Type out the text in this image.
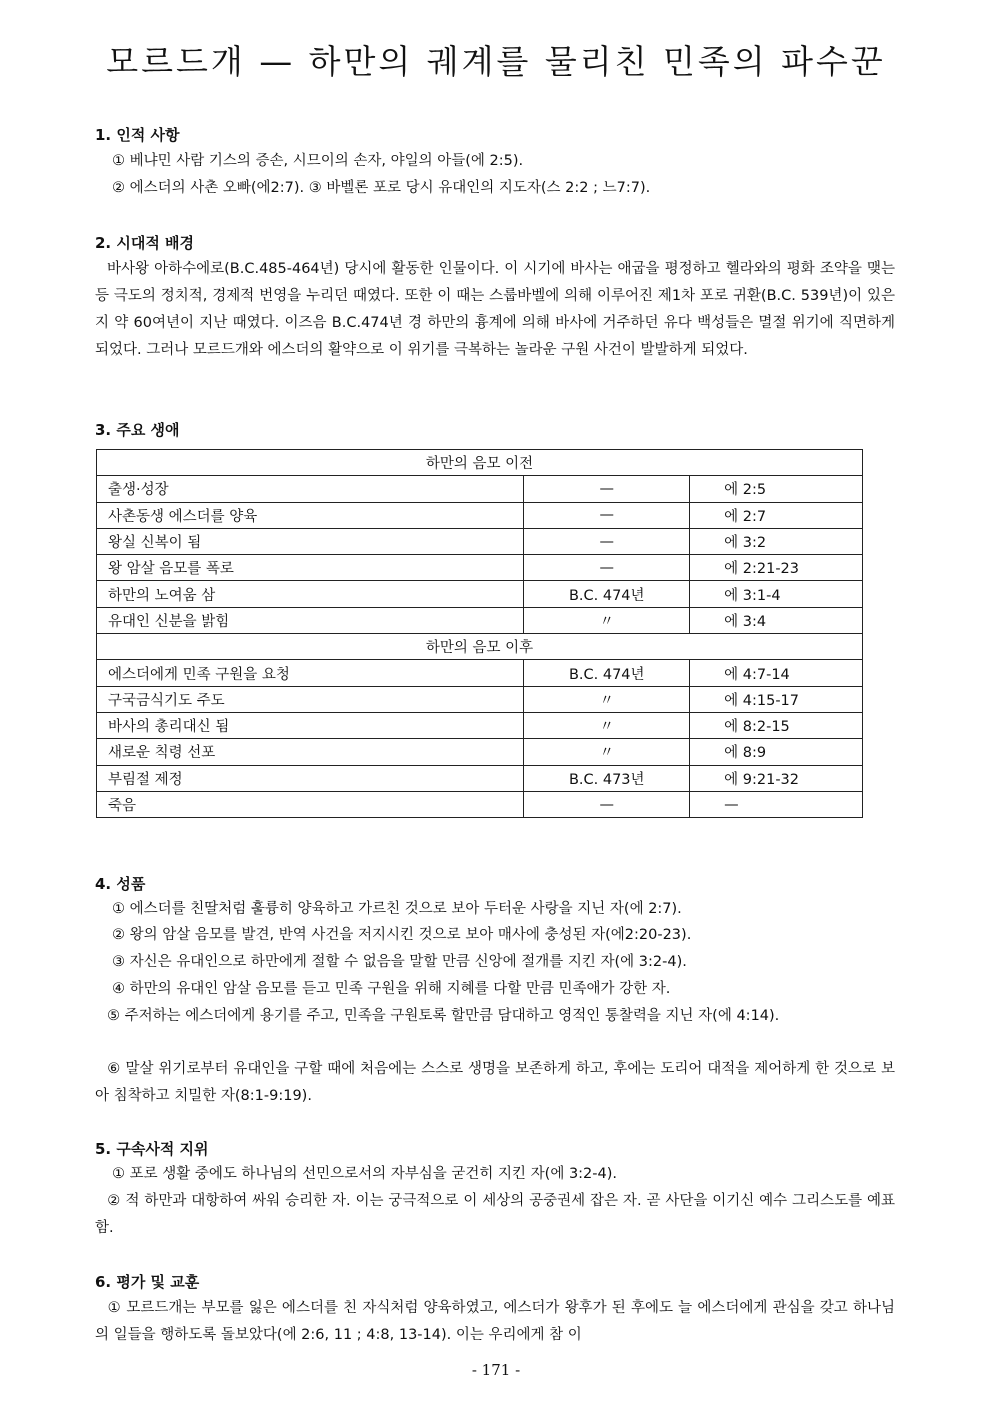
모르드개 — 하만의 궤계를 물리친 민족의 파수꾼
1. 인적 사항
① 베냐민 사람 기스의 증손, 시므이의 손자, 야일의 아들(에 2:5).
② 에스더의 사촌 오빠(에2:7). ③ 바벨론 포로 당시 유대인의 지도자(스 2:2 ; 느7:7).
2. 시대적 배경
바사왕 아하수에로(B.C.485-464년) 당시에 활동한 인물이다. 이 시기에 바사는 애굽을 평정하고 헬라와의 평화 조약을 맺는 등 극도의 정치적, 경제적 번영을 누리던 때였다. 또한 이 때는 스룹바벨에 의해 이루어진 제1차 포로 귀환(B.C. 539년)이 있은 지 약 60여년이 지난 때였다. 이즈음 B.C.474년 경 하만의 흉계에 의해 바사에 거주하던 유다 백성들은 멸절 위기에 직면하게 되었다. 그러나 모르드개와 에스더의 활약으로 이 위기를 극복하는 놀라운 구원 사건이 발발하게 되었다.
3. 주요 생애
하만의 음모 이전		
출생·성장	—	에 2:5
사촌동생 에스더를 양육	—	에 2:7
왕실 신복이 됨	—	에 3:2
왕 암살 음모를 폭로	—	에 2:21-23
하만의 노여움 삼	B.C. 474년	에 3:1-4
유대인 신분을 밝힘	〃	에 3:4
하만의 음모 이후		
에스더에게 민족 구원을 요청	B.C. 474년	에 4:7-14
구국금식기도 주도	〃	에 4:15-17
바사의 총리대신 됨	〃	에 8:2-15
새로운 칙령 선포	〃	에 8:9
부림절 제정	B.C. 473년	에 9:21-32
죽음	—	—
4. 성품
① 에스더를 친딸처럼 훌륭히 양육하고 가르친 것으로 보아 두터운 사랑을 지닌 자(에 2:7).
② 왕의 암살 음모를 발견, 반역 사건을 저지시킨 것으로 보아 매사에 충성된 자(에2:20-23).
③ 자신은 유대인으로 하만에게 절할 수 없음을 말할 만큼 신앙에 절개를 지킨 자(에 3:2-4).
④ 하만의 유대인 암살 음모를 듣고 민족 구원을 위해 지혜를 다할 만큼 민족애가 강한 자.
⑤ 주저하는 에스더에게 용기를 주고, 민족을 구원토록 할만큼 담대하고 영적인 통찰력을 지닌 자(에 4:14).
⑥ 말살 위기로부터 유대인을 구할 때에 처음에는 스스로 생명을 보존하게 하고, 후에는 도리어 대적을 제어하게 한 것으로 보아 침착하고 치밀한 자(8:1-9:19).
5. 구속사적 지위
① 포로 생활 중에도 하나님의 선민으로서의 자부심을 굳건히 지킨 자(에 3:2-4).
② 적 하만과 대항하여 싸워 승리한 자. 이는 궁극적으로 이 세상의 공중권세 잡은 자. 곧 사단을 이기신 예수 그리스도를 예표함.
6. 평가 및 교훈
① 모르드개는 부모를 잃은 에스더를 친 자식처럼 양육하였고, 에스더가 왕후가 된 후에도 늘 에스더에게 관심을 갖고 하나님의 일들을 행하도록 돌보았다(에 2:6, 11 ; 4:8, 13-14). 이는 우리에게 참 이
- 171 -
